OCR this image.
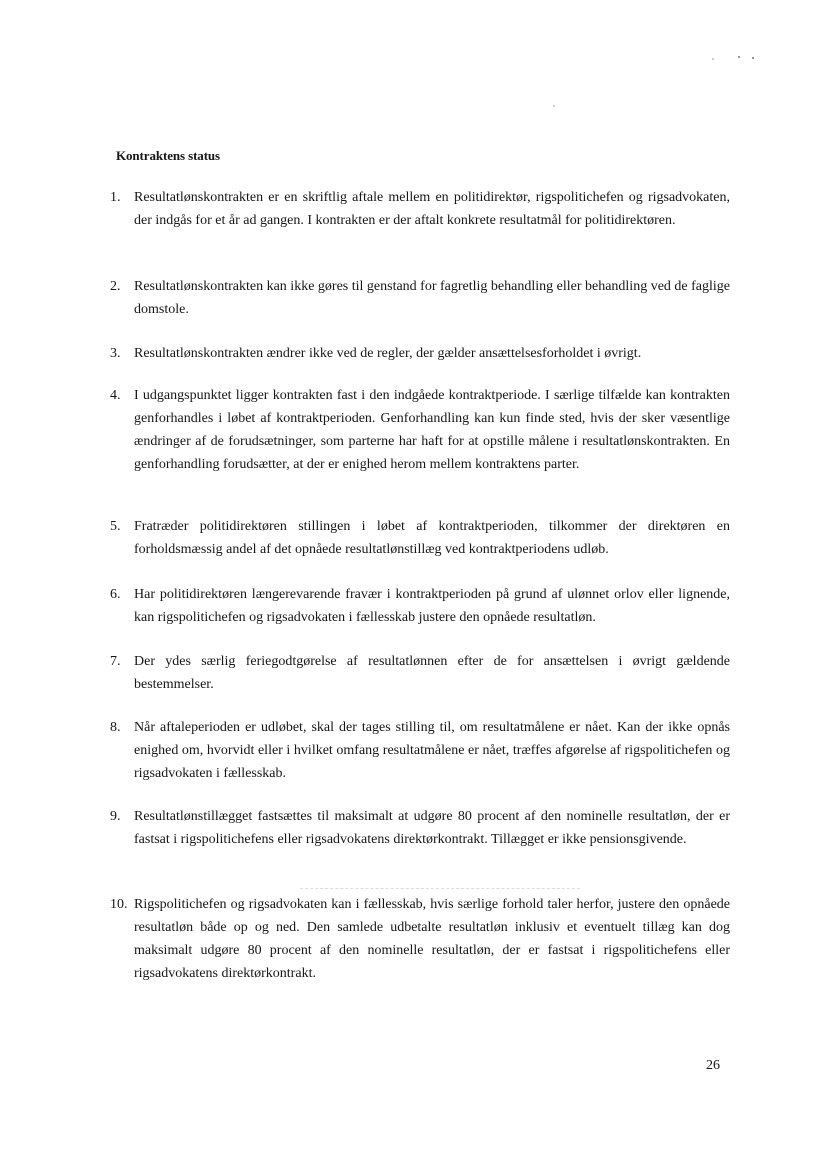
Kontraktens status
1. Resultatlønskontrakten er en skriftlig aftale mellem en politidirektør, rigspolitichefen og rigsadvokaten, der indgås for et år ad gangen. I kontrakten er der aftalt konkrete resultatmål for politidirektøren.
2. Resultatlønskontrakten kan ikke gøres til genstand for fagretlig behandling eller behandling ved de faglige domstole.
3. Resultatlønskontrakten ændrer ikke ved de regler, der gælder ansættelsesforholdet i øvrigt.
4. I udgangspunktet ligger kontrakten fast i den indgåede kontraktperiode. I særlige tilfælde kan kontrakten genforhandles i løbet af kontraktperioden. Genforhandling kan kun finde sted, hvis der sker væsentlige ændringer af de forudsætninger, som parterne har haft for at opstille målene i resultatlønskontrakten. En genforhandling forudsætter, at der er enighed herom mellem kontraktens parter.
5. Fratræder politidirektøren stillingen i løbet af kontraktperioden, tilkommer der direktøren en forholdsmæssig andel af det opnåede resultatlønstillæg ved kontraktperiodens udløb.
6. Har politidirektøren længerevarende fravær i kontraktperioden på grund af ulønnet orlov eller lignende, kan rigspolitichefen og rigsadvokaten i fællesskab justere den opnåede resultatløn.
7. Der ydes særlig feriegodtgørelse af resultatlønnen efter de for ansættelsen i øvrigt gældende bestemmelser.
8. Når aftaleperioden er udløbet, skal der tages stilling til, om resultatmålene er nået. Kan der ikke opnås enighed om, hvorvidt eller i hvilket omfang resultatmålene er nået, træffes afgørelse af rigspolitichefen og rigsadvokaten i fællesskab.
9. Resultatlønstillægget fastsættes til maksimalt at udgøre 80 procent af den nominelle resultatløn, der er fastsat i rigspolitichefens eller rigsadvokatens direktørkontrakt. Tillægget er ikke pensionsgivende.
10. Rigspolitichefen og rigsadvokaten kan i fællesskab, hvis særlige forhold taler herfor, justere den opnåede resultatløn både op og ned. Den samlede udbetalte resultatløn inklusiv et eventuelt tillæg kan dog maksimalt udgøre 80 procent af den nominelle resultatløn, der er fastsat i rigspolitichefens eller rigsadvokatens direktørkontrakt.
26
